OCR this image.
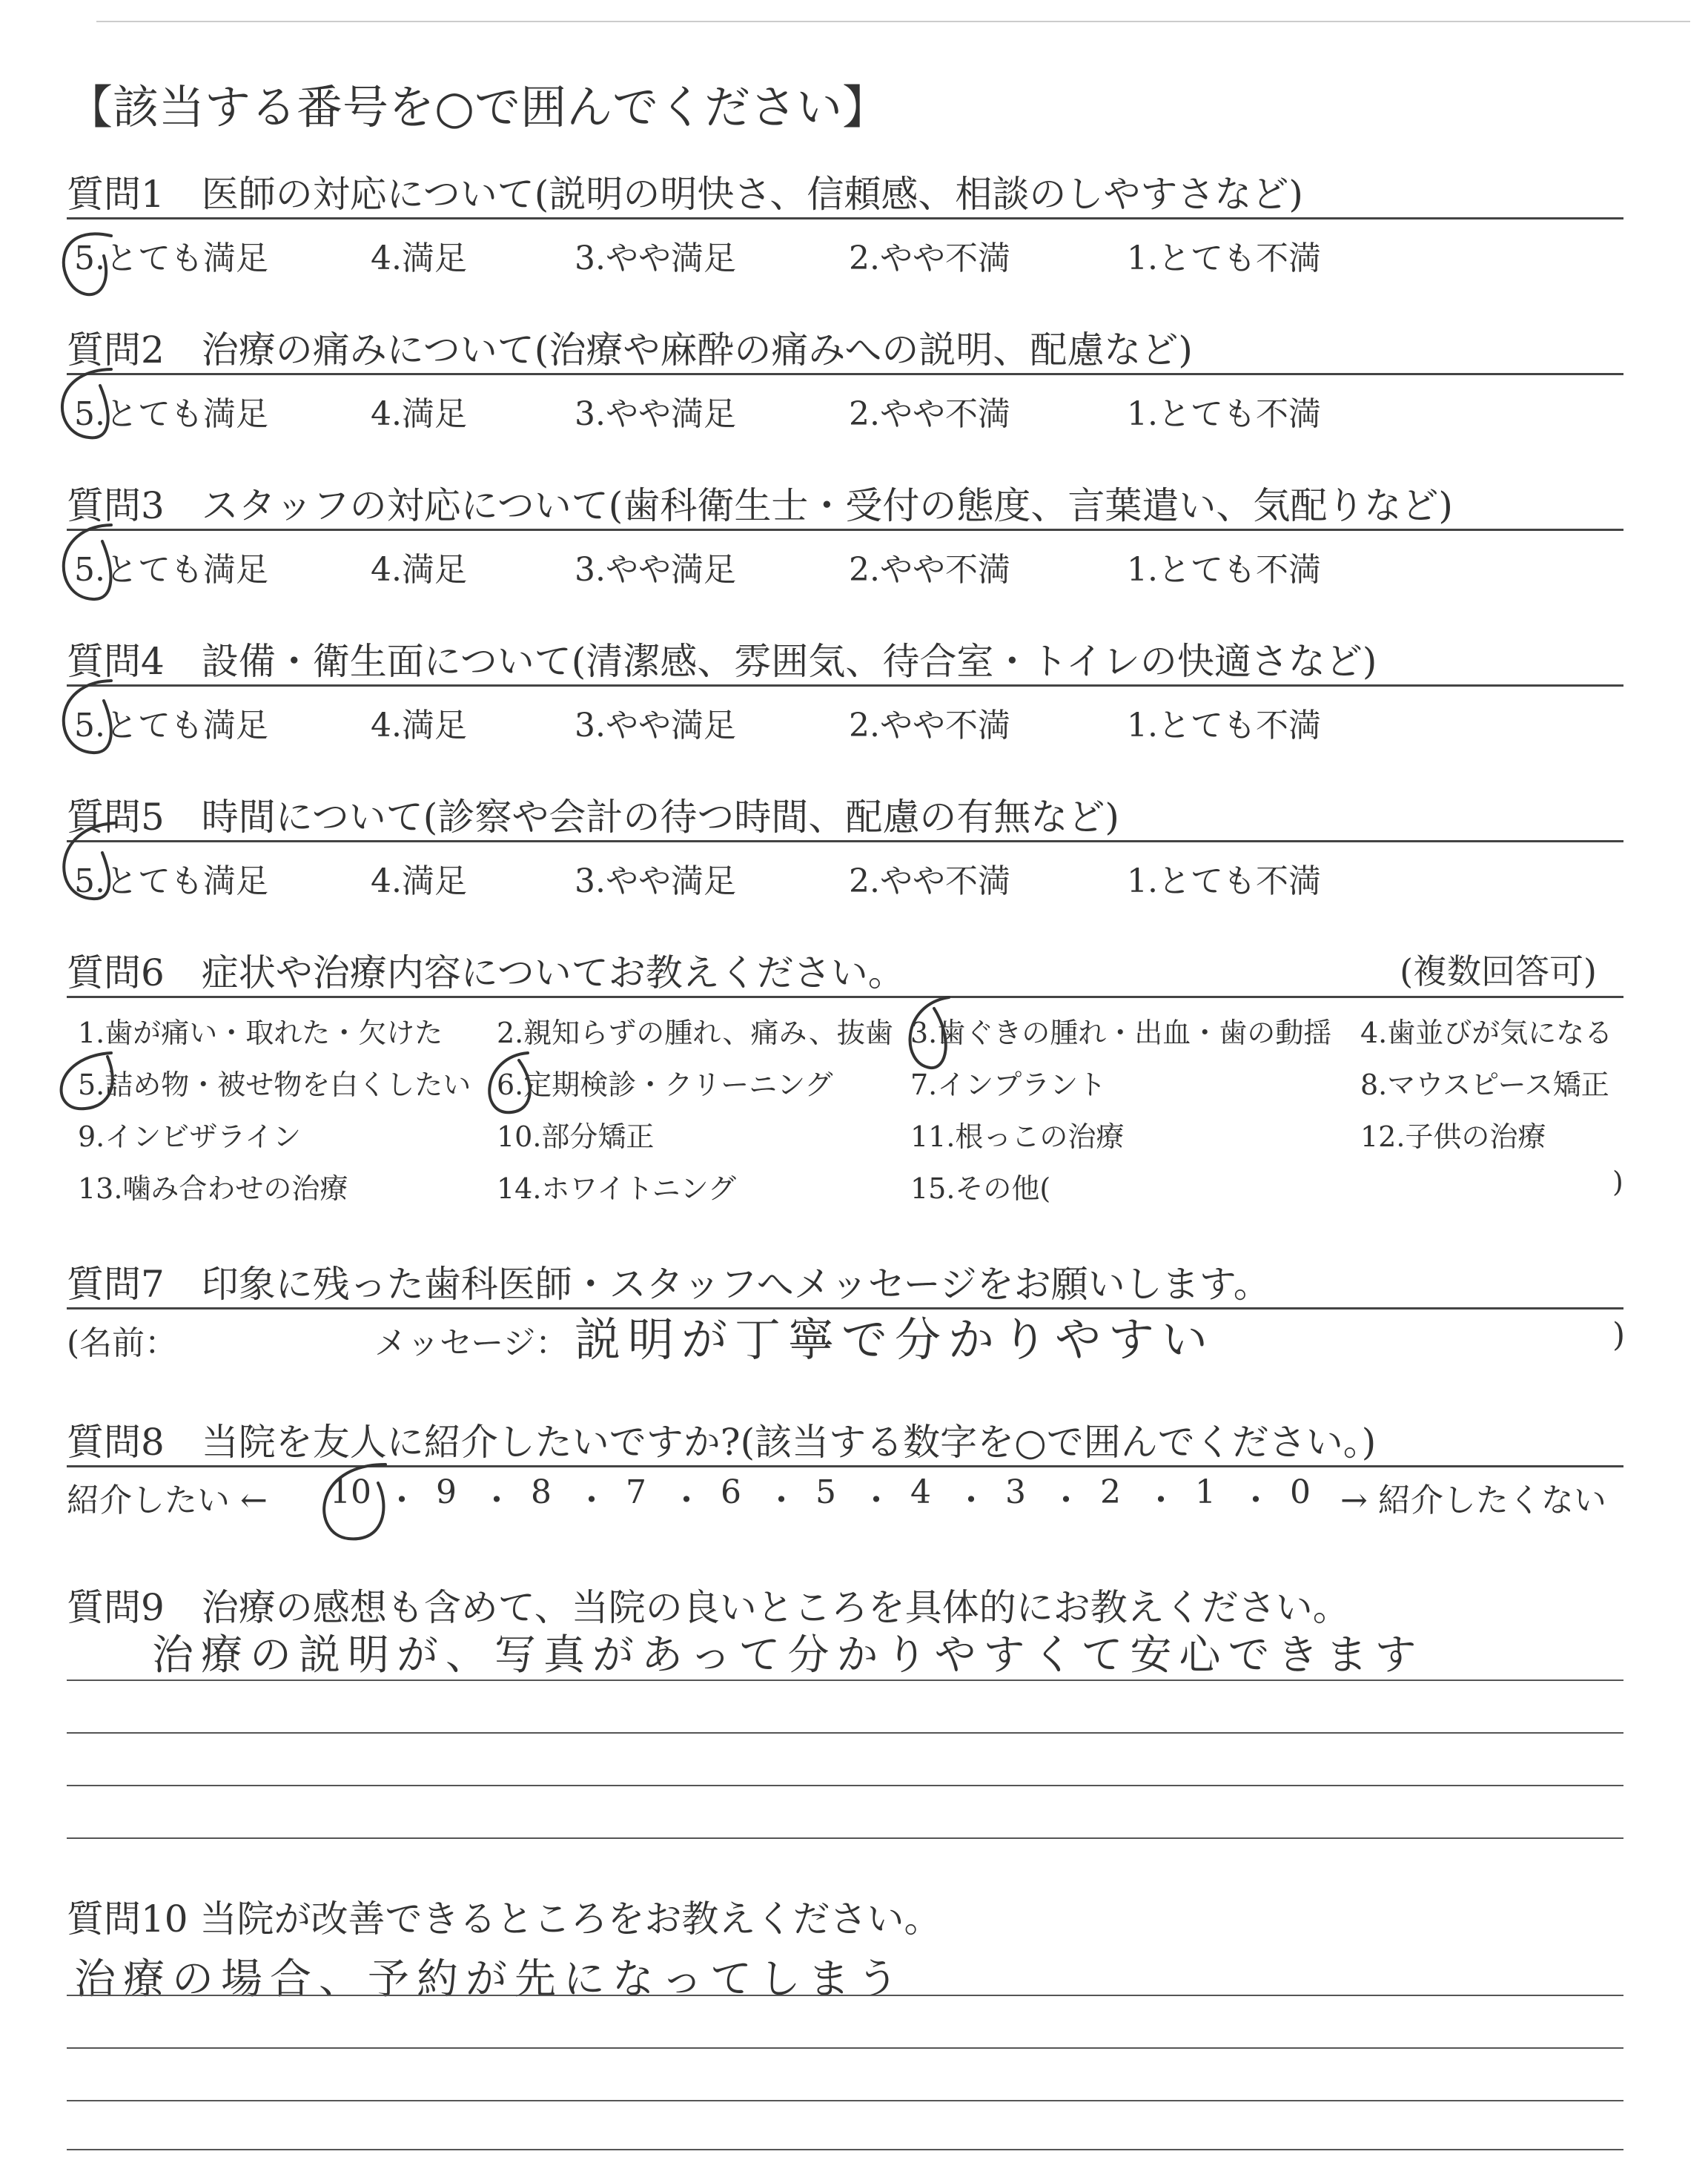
【該当する番号を○で囲んでください】
質問1　医師の対応について(説明の明快さ、信頼感、相談のしやすさなど)
5.とても満足	4.満足	3.やや満足	2.やや不満	1.とても不満
質問2　治療の痛みについて(治療や麻酔の痛みへの説明、配慮など)
5.とても満足	4.満足	3.やや満足	2.やや不満	1.とても不満
質問3　スタッフの対応について(歯科衛生士・受付の態度、言葉遣い、気配りなど)
5.とても満足	4.満足	3.やや満足	2.やや不満	1.とても不満
質問4　設備・衛生面について(清潔感、雰囲気、待合室・トイレの快適さなど)
5.とても満足	4.満足	3.やや満足	2.やや不満	1.とても不満
質問5　時間について(診察や会計の待つ時間、配慮の有無など)
5.とても満足	4.満足	3.やや満足	2.やや不満	1.とても不満
質問6　症状や治療内容についてお教えください。	(複数回答可)
1.歯が痛い・取れた・欠けた 2.親知らずの腫れ、痛み、抜歯 3.歯ぐきの腫れ・出血・歯の動揺 4.歯並びが気になる
5.詰め物・被せ物を白くしたい 6.定期検診・クリーニング	7.インプラント	8.マウスピース矯正
9.インビザライン	10.部分矯正	11.根っこの治療	12.子供の治療
13.噛み合わせの治療	14.ホワイトニング	15.その他(	)
質問7　印象に残った歯科医師・スタッフへメッセージをお願いします。
(名前：	メッセージ： 説明が丁寧で分かりやすい	)
質問8　当院を友人に紹介したいですか?(該当する数字を○で囲んでください。)
紹介したい ← 10 ・ 9 ・ 8 ・ 7 ・ 6 ・ 5 ・ 4 ・ 3 ・ 2 ・ 1 ・ 0 → 紹介したくない
質問9　治療の感想も含めて、当院の良いところを具体的にお教えください。
治療の説明が、写真があって分かりやすくて安心できます
質問10 当院が改善できるところをお教えください。
治療の場合、予約が先になってしまう
